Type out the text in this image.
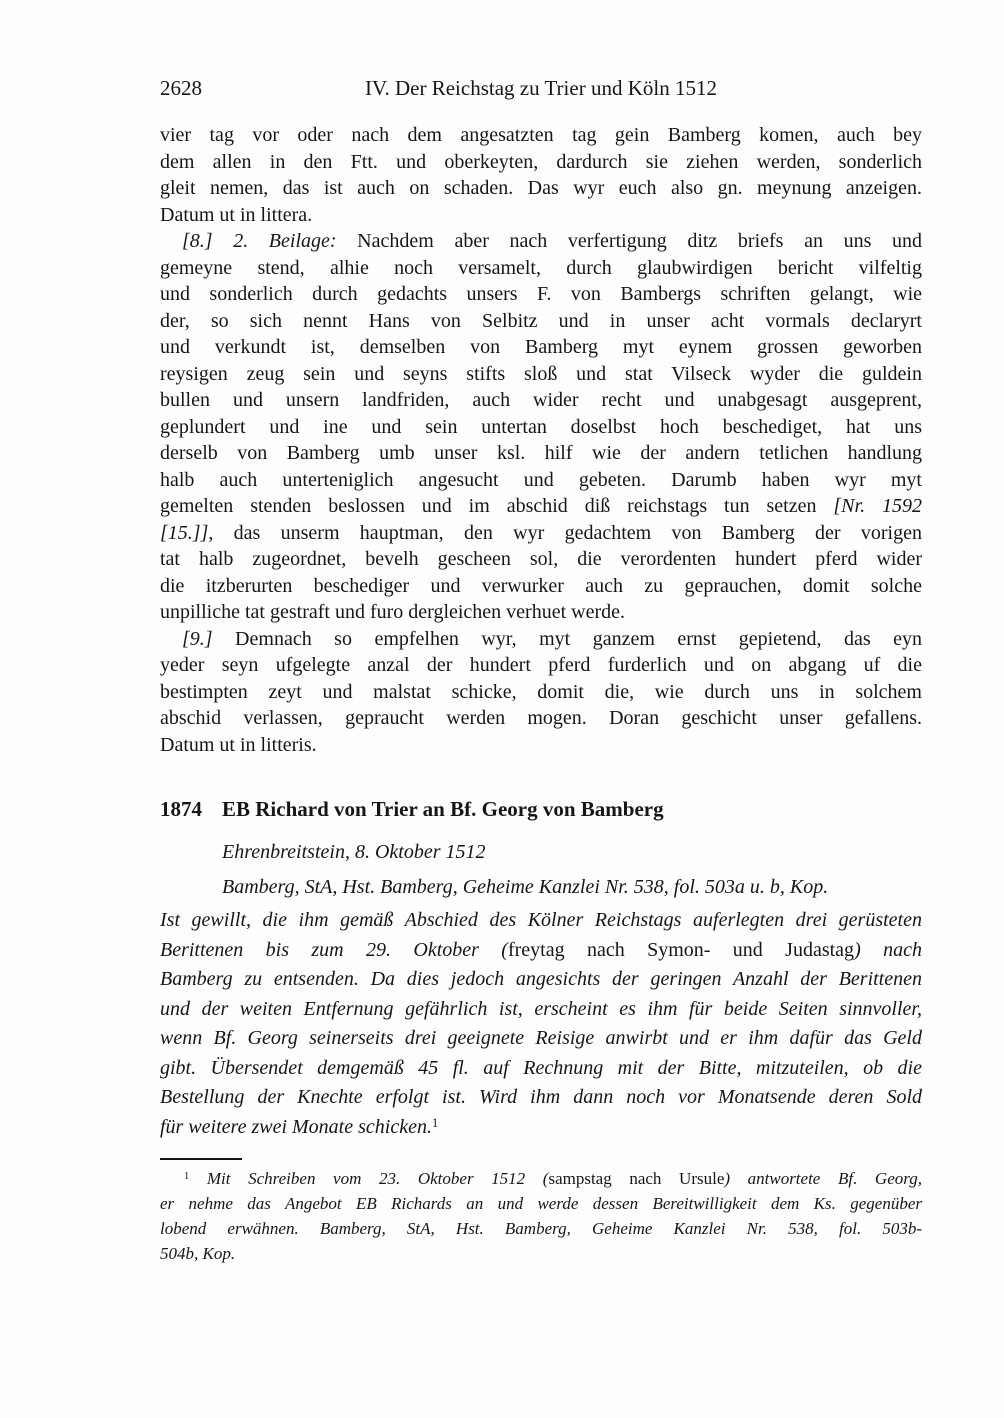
2628	IV. Der Reichstag zu Trier und Köln 1512
vier tag vor oder nach dem angesatzten tag gein Bamberg komen, auch bey
dem allen in den Ftt. und oberkeyten, dardurch sie ziehen werden, sonderlich
gleit nemen, das ist auch on schaden. Das wyr euch also gn. meynung anzeigen.
Datum ut in littera.
[8.] 2. Beilage: Nachdem aber nach verfertigung ditz briefs an uns und
gemeyne stend, alhie noch versamelt, durch glaubwirdigen bericht vilfeltig
und sonderlich durch gedachts unsers F. von Bambergs schriften gelangt, wie
der, so sich nennt Hans von Selbitz und in unser acht vormals declaryrt
und verkundt ist, demselben von Bamberg myt eynem grossen geworben
reysigen zeug sein und seyns stifts sloß und stat Vilseck wyder die guldein
bullen und unsern landfriden, auch wider recht und unabgesagt ausgeprent,
geplundert und ine und sein untertan doselbst hoch beschediget, hat uns
derselb von Bamberg umb unser ksl. hilf wie der andern tetlichen handlung
halb auch unterteniglich angesucht und gebeten. Darumb haben wyr myt
gemelten stenden beslossen und im abschid diß reichstags tun setzen [Nr. 1592
[15.]], das unserm hauptman, den wyr gedachtem von Bamberg der vorigen
tat halb zugeordnet, bevelh gescheen sol, die verordenten hundert pferd wider
die itzberurten beschediger und verwurker auch zu geprauchen, domit solche
unpilliche tat gestraft und furo dergleichen verhuet werde.
[9.] Demnach so empfelhen wyr, myt ganzem ernst gepietend, das eyn
yeder seyn ufgelegte anzal der hundert pferd furderlich und on abgang uf die
bestimpten zeyt und malstat schicke, domit die, wie durch uns in solchem
abschid verlassen, gepraucht werden mogen. Doran geschicht unser gefallens.
Datum ut in litteris.
1874 EB Richard von Trier an Bf. Georg von Bamberg
Ehrenbreitstein, 8. Oktober 1512
Bamberg, StA, Hst. Bamberg, Geheime Kanzlei Nr. 538, fol. 503a u. b, Kop.
Ist gewillt, die ihm gemäß Abschied des Kölner Reichstags auferlegten drei gerüsteten
Berittenen bis zum 29. Oktober (freytag nach Symon- und Judastag) nach
Bamberg zu entsenden. Da dies jedoch angesichts der geringen Anzahl der Berittenen
und der weiten Entfernung gefährlich ist, erscheint es ihm für beide Seiten sinnvoller,
wenn Bf. Georg seinerseits drei geeignete Reisige anwirbt und er ihm dafür das Geld
gibt. Übersendet demgemäß 45 fl. auf Rechnung mit der Bitte, mitzuteilen, ob die
Bestellung der Knechte erfolgt ist. Wird ihm dann noch vor Monatsende deren Sold
für weitere zwei Monate schicken.$^1$
$^1$ Mit Schreiben vom 23. Oktober 1512 (sampstag nach Ursule) antwortete Bf. Georg,
er nehme das Angebot EB Richards an und werde dessen Bereitwilligkeit dem Ks. gegenüber
lobend erwähnen. Bamberg, StA, Hst. Bamberg, Geheime Kanzlei Nr. 538, fol. 503b-
504b, Kop.
